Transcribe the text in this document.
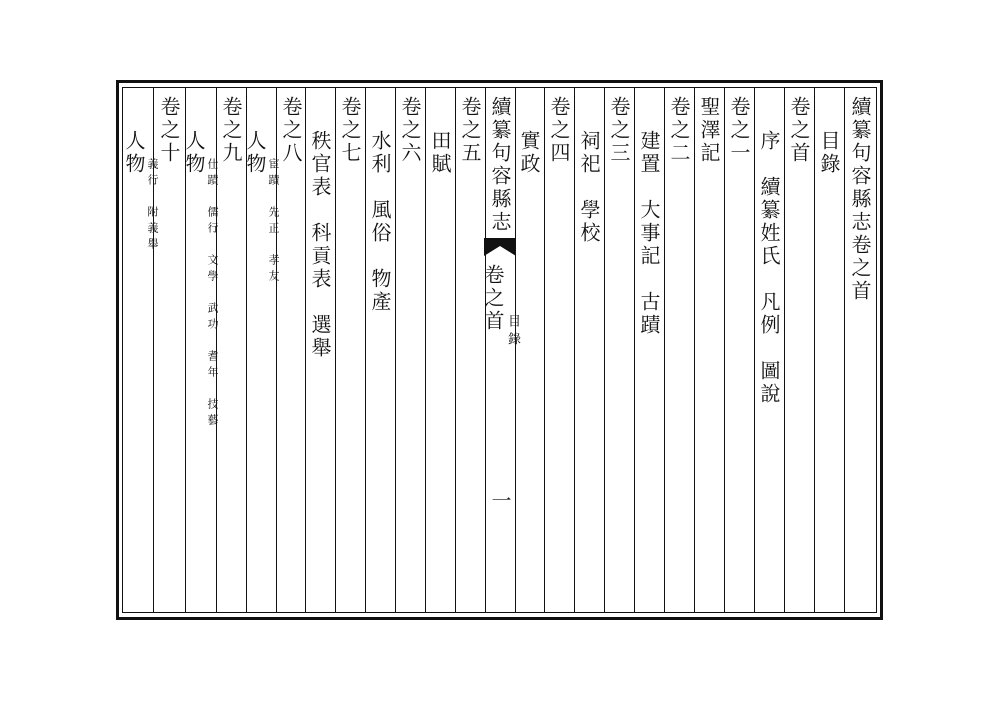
續纂句容縣志卷之首
目錄
卷之首
序　續纂姓氏　凡例　圖說
卷之一
聖澤記
卷之二
建置　大事記　古蹟
卷之三
祠祀　學校
卷之四
實政
續纂句容縣志
卷之首 目錄
一
卷之五
田賦
卷之六
水利　風俗　物產
卷之七
秩官表　科貢表　選舉
卷之八
人物
宦蹟　先正　孝友
卷之九
人物
仕蹟　儒行　文學　武功　耆年　技藝
卷之十
人物
義行　附義舉
